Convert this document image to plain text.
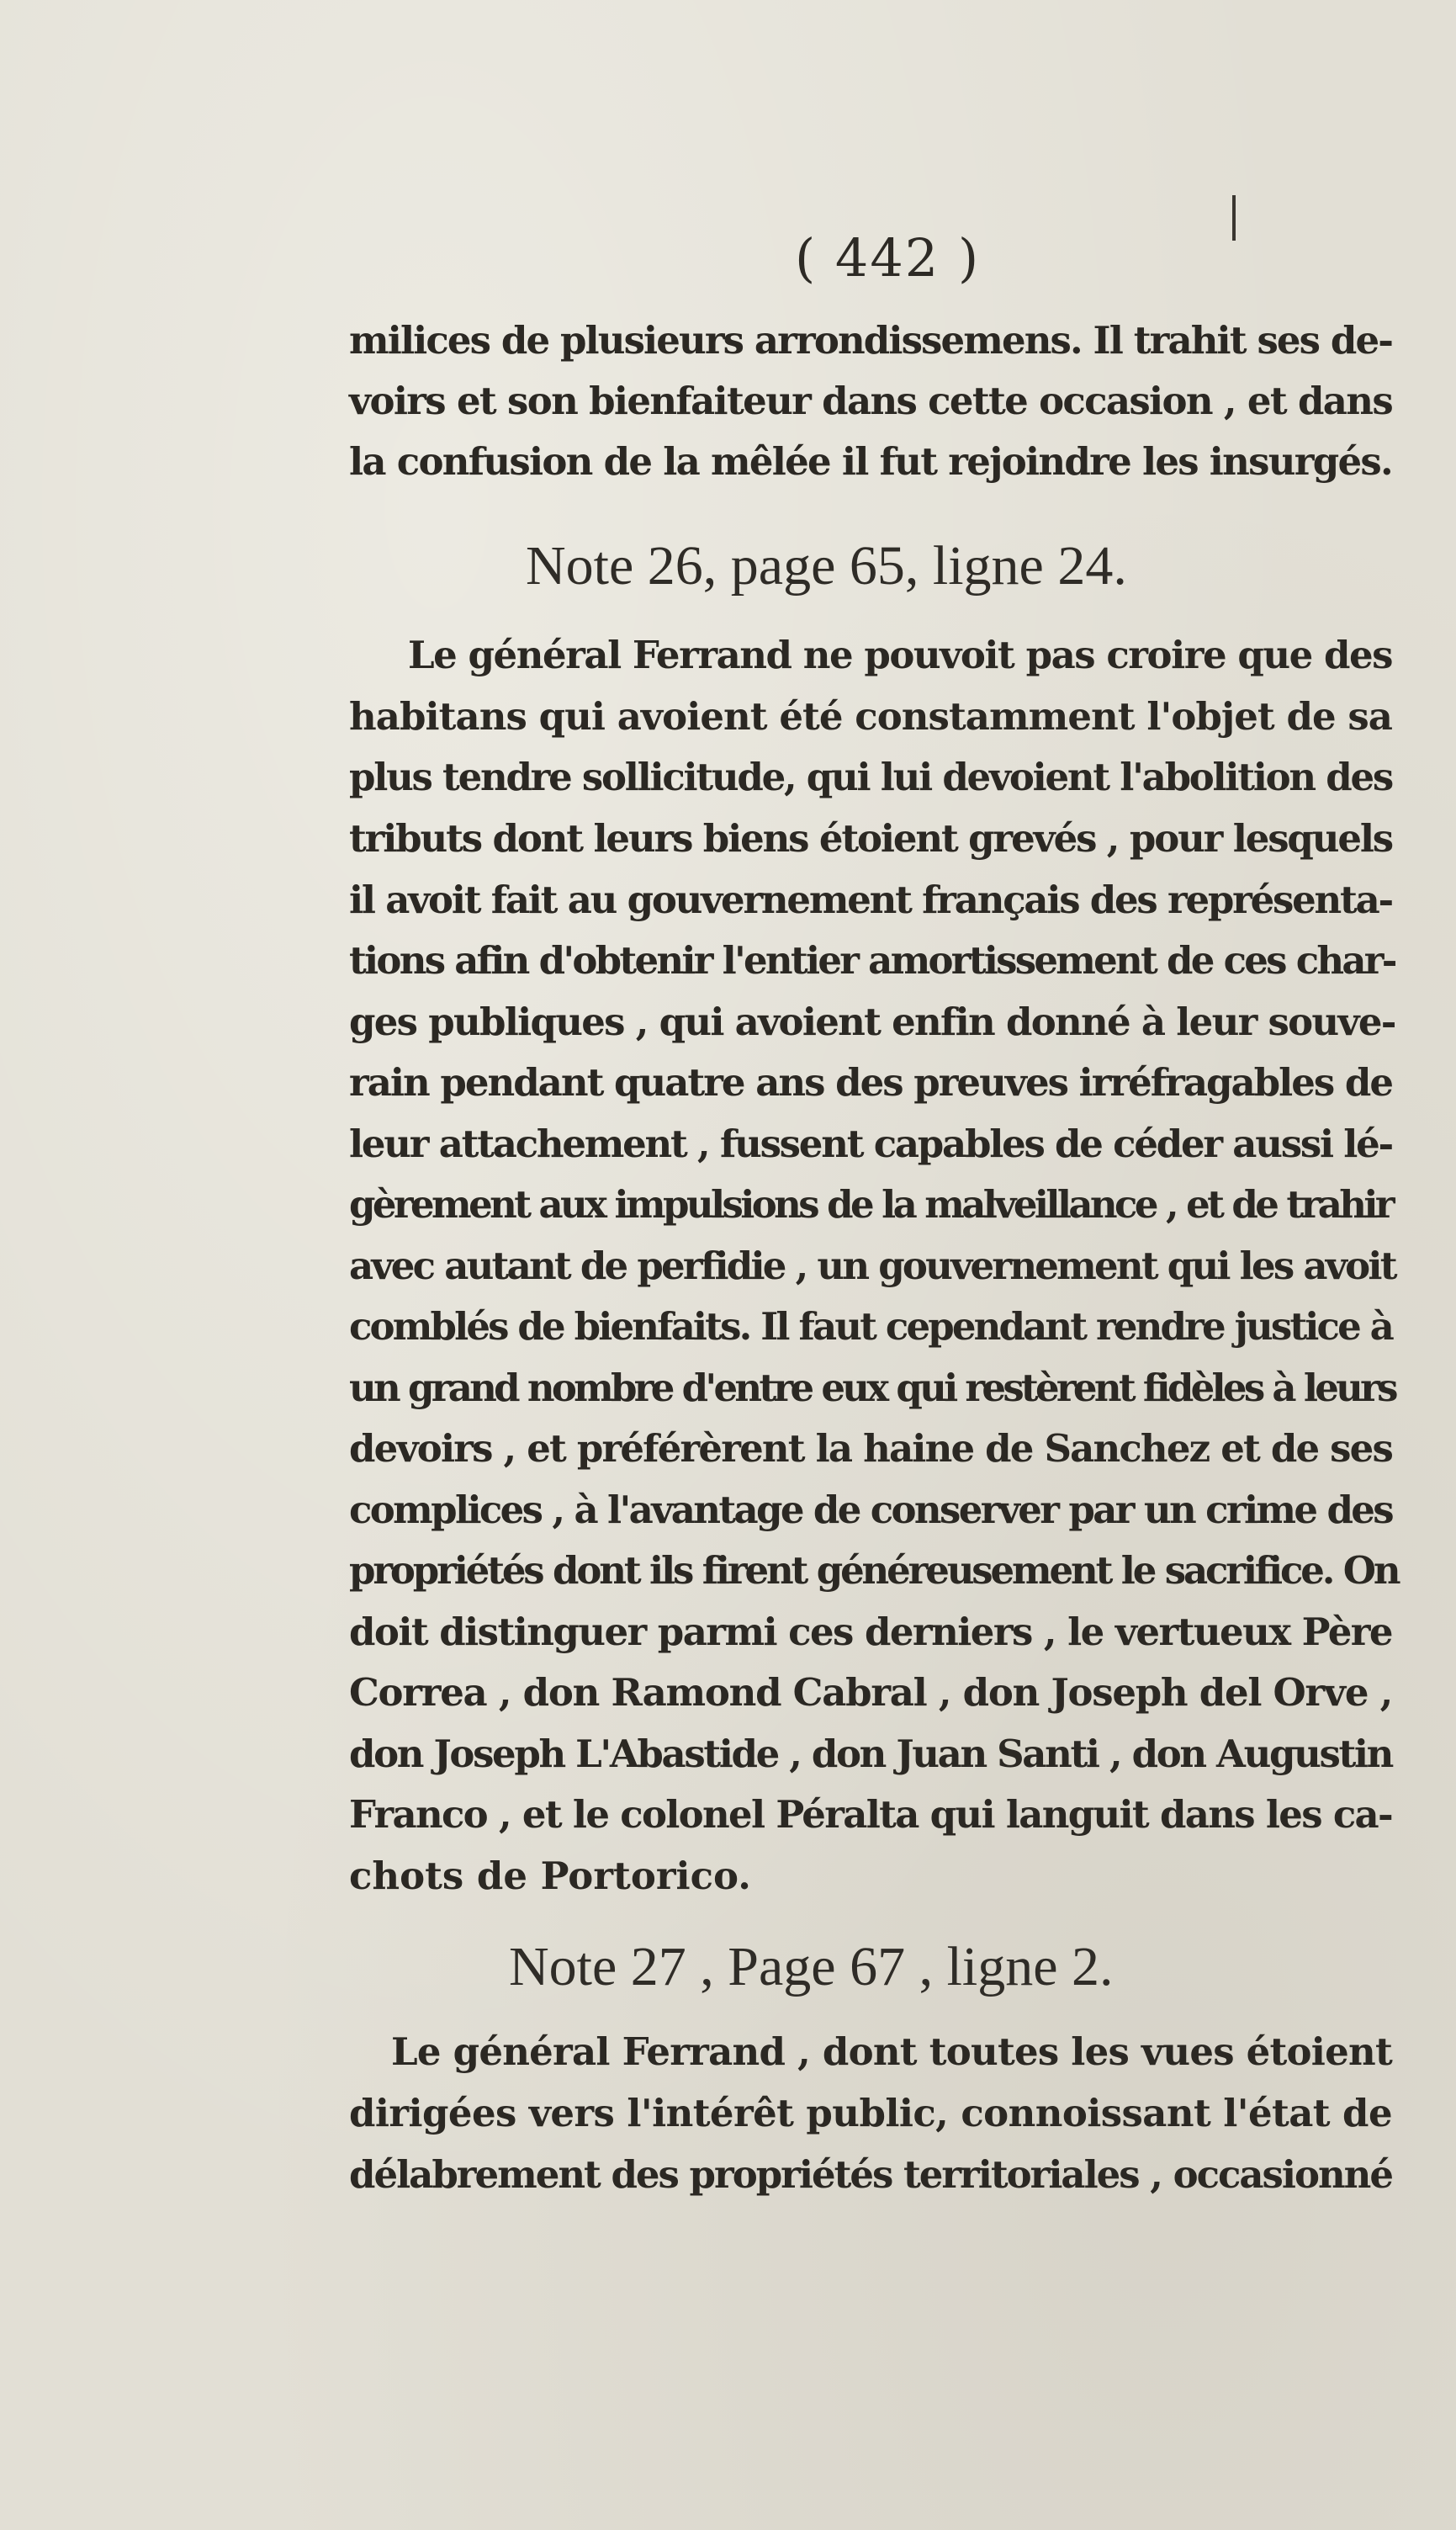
( 442 )
milices de plusieurs arrondissemens. Il trahit ses de-
voirs et son bienfaiteur dans cette occasion , et dans
la confusion de la mêlée il fut rejoindre les insurgés.
Note 26, page 65, ligne 24.
Le général Ferrand ne pouvoit pas croire que des
habitans qui avoient été constamment l'objet de sa
plus tendre sollicitude, qui lui devoient l'abolition des
tributs dont leurs biens étoient grevés , pour lesquels
il avoit fait au gouvernement français des représenta-
tions afin d'obtenir l'entier amortissement de ces char-
ges publiques , qui avoient enfin donné à leur souve-
rain pendant quatre ans des preuves irréfragables de
leur attachement , fussent capables de céder aussi lé-
gèrement aux impulsions de la malveillance , et de trahir
avec autant de perfidie , un gouvernement qui les avoit
comblés de bienfaits. Il faut cependant rendre justice à
un grand nombre d'entre eux qui restèrent fidèles à leurs
devoirs , et préférèrent la haine de Sanchez et de ses
complices , à l'avantage de conserver par un crime des
propriétés dont ils firent généreusement le sacrifice. On
doit distinguer parmi ces derniers , le vertueux Père
Correa , don Ramond Cabral , don Joseph del Orve ,
don Joseph L'Abastide , don Juan Santi , don Augustin
Franco , et le colonel Péralta qui languit dans les ca-
chots de Portorico.
Note 27 , Page 67 , ligne 2.
Le général Ferrand , dont toutes les vues étoient
dirigées vers l'intérêt public, connoissant l'état de
délabrement des propriétés territoriales , occasionné
